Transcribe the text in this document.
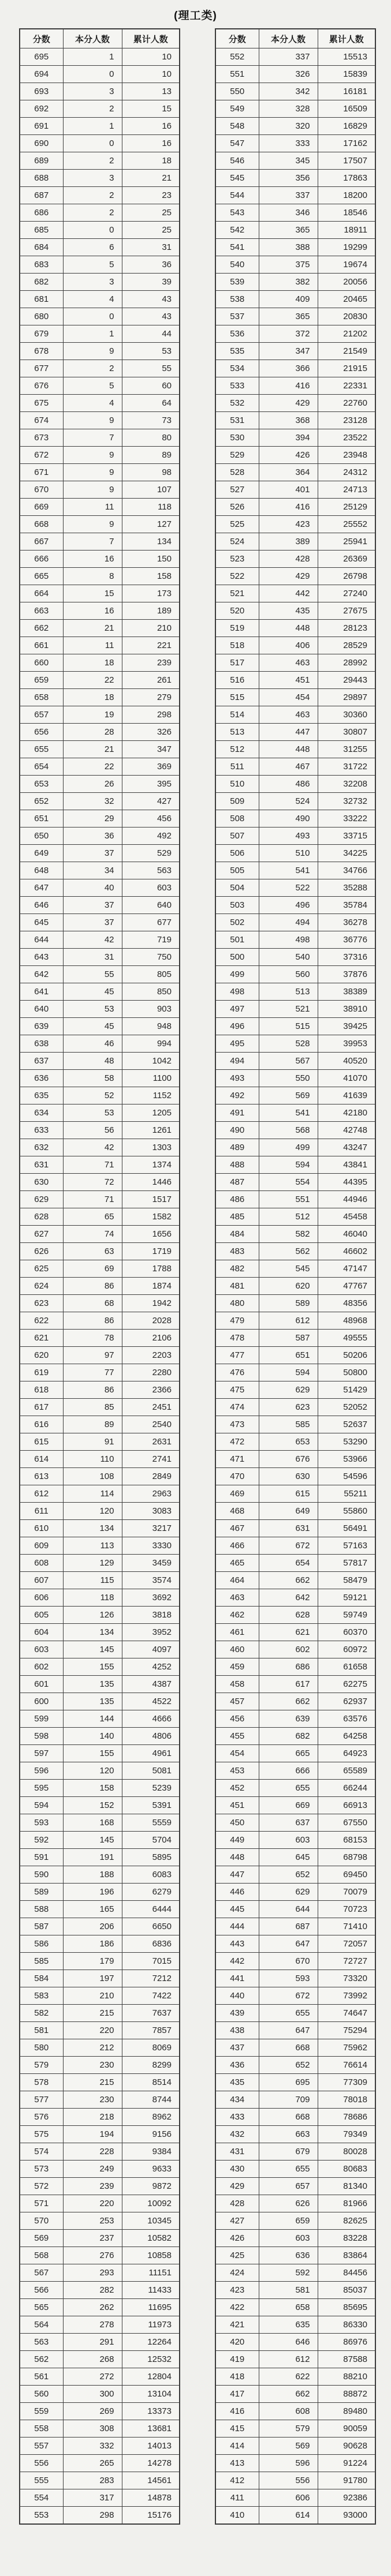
(理工类)
分数	本分人数	累计人数
695	1	10
694	0	10
693	3	13
692	2	15
691	1	16
690	0	16
689	2	18
688	3	21
687	2	23
686	2	25
685	0	25
684	6	31
683	5	36
682	3	39
681	4	43
680	0	43
679	1	44
678	9	53
677	2	55
676	5	60
675	4	64
674	9	73
673	7	80
672	9	89
671	9	98
670	9	107
669	11	118
668	9	127
667	7	134
666	16	150
665	8	158
664	15	173
663	16	189
662	21	210
661	11	221
660	18	239
659	22	261
658	18	279
657	19	298
656	28	326
655	21	347
654	22	369
653	26	395
652	32	427
651	29	456
650	36	492
649	37	529
648	34	563
647	40	603
646	37	640
645	37	677
644	42	719
643	31	750
642	55	805
641	45	850
640	53	903
639	45	948
638	46	994
637	48	1042
636	58	1100
635	52	1152
634	53	1205
633	56	1261
632	42	1303
631	71	1374
630	72	1446
629	71	1517
628	65	1582
627	74	1656
626	63	1719
625	69	1788
624	86	1874
623	68	1942
622	86	2028
621	78	2106
620	97	2203
619	77	2280
618	86	2366
617	85	2451
616	89	2540
615	91	2631
614	110	2741
613	108	2849
612	114	2963
611	120	3083
610	134	3217
609	113	3330
608	129	3459
607	115	3574
606	118	3692
605	126	3818
604	134	3952
603	145	4097
602	155	4252
601	135	4387
600	135	4522
599	144	4666
598	140	4806
597	155	4961
596	120	5081
595	158	5239
594	152	5391
593	168	5559
592	145	5704
591	191	5895
590	188	6083
589	196	6279
588	165	6444
587	206	6650
586	186	6836
585	179	7015
584	197	7212
583	210	7422
582	215	7637
581	220	7857
580	212	8069
579	230	8299
578	215	8514
577	230	8744
576	218	8962
575	194	9156
574	228	9384
573	249	9633
572	239	9872
571	220	10092
570	253	10345
569	237	10582
568	276	10858
567	293	11151
566	282	11433
565	262	11695
564	278	11973
563	291	12264
562	268	12532
561	272	12804
560	300	13104
559	269	13373
558	308	13681
557	332	14013
556	265	14278
555	283	14561
554	317	14878
553	298	15176
分数	本分人数	累计人数
552	337	15513
551	326	15839
550	342	16181
549	328	16509
548	320	16829
547	333	17162
546	345	17507
545	356	17863
544	337	18200
543	346	18546
542	365	18911
541	388	19299
540	375	19674
539	382	20056
538	409	20465
537	365	20830
536	372	21202
535	347	21549
534	366	21915
533	416	22331
532	429	22760
531	368	23128
530	394	23522
529	426	23948
528	364	24312
527	401	24713
526	416	25129
525	423	25552
524	389	25941
523	428	26369
522	429	26798
521	442	27240
520	435	27675
519	448	28123
518	406	28529
517	463	28992
516	451	29443
515	454	29897
514	463	30360
513	447	30807
512	448	31255
511	467	31722
510	486	32208
509	524	32732
508	490	33222
507	493	33715
506	510	34225
505	541	34766
504	522	35288
503	496	35784
502	494	36278
501	498	36776
500	540	37316
499	560	37876
498	513	38389
497	521	38910
496	515	39425
495	528	39953
494	567	40520
493	550	41070
492	569	41639
491	541	42180
490	568	42748
489	499	43247
488	594	43841
487	554	44395
486	551	44946
485	512	45458
484	582	46040
483	562	46602
482	545	47147
481	620	47767
480	589	48356
479	612	48968
478	587	49555
477	651	50206
476	594	50800
475	629	51429
474	623	52052
473	585	52637
472	653	53290
471	676	53966
470	630	54596
469	615	55211
468	649	55860
467	631	56491
466	672	57163
465	654	57817
464	662	58479
463	642	59121
462	628	59749
461	621	60370
460	602	60972
459	686	61658
458	617	62275
457	662	62937
456	639	63576
455	682	64258
454	665	64923
453	666	65589
452	655	66244
451	669	66913
450	637	67550
449	603	68153
448	645	68798
447	652	69450
446	629	70079
445	644	70723
444	687	71410
443	647	72057
442	670	72727
441	593	73320
440	672	73992
439	655	74647
438	647	75294
437	668	75962
436	652	76614
435	695	77309
434	709	78018
433	668	78686
432	663	79349
431	679	80028
430	655	80683
429	657	81340
428	626	81966
427	659	82625
426	603	83228
425	636	83864
424	592	84456
423	581	85037
422	658	85695
421	635	86330
420	646	86976
419	612	87588
418	622	88210
417	662	88872
416	608	89480
415	579	90059
414	569	90628
413	596	91224
412	556	91780
411	606	92386
410	614	93000
